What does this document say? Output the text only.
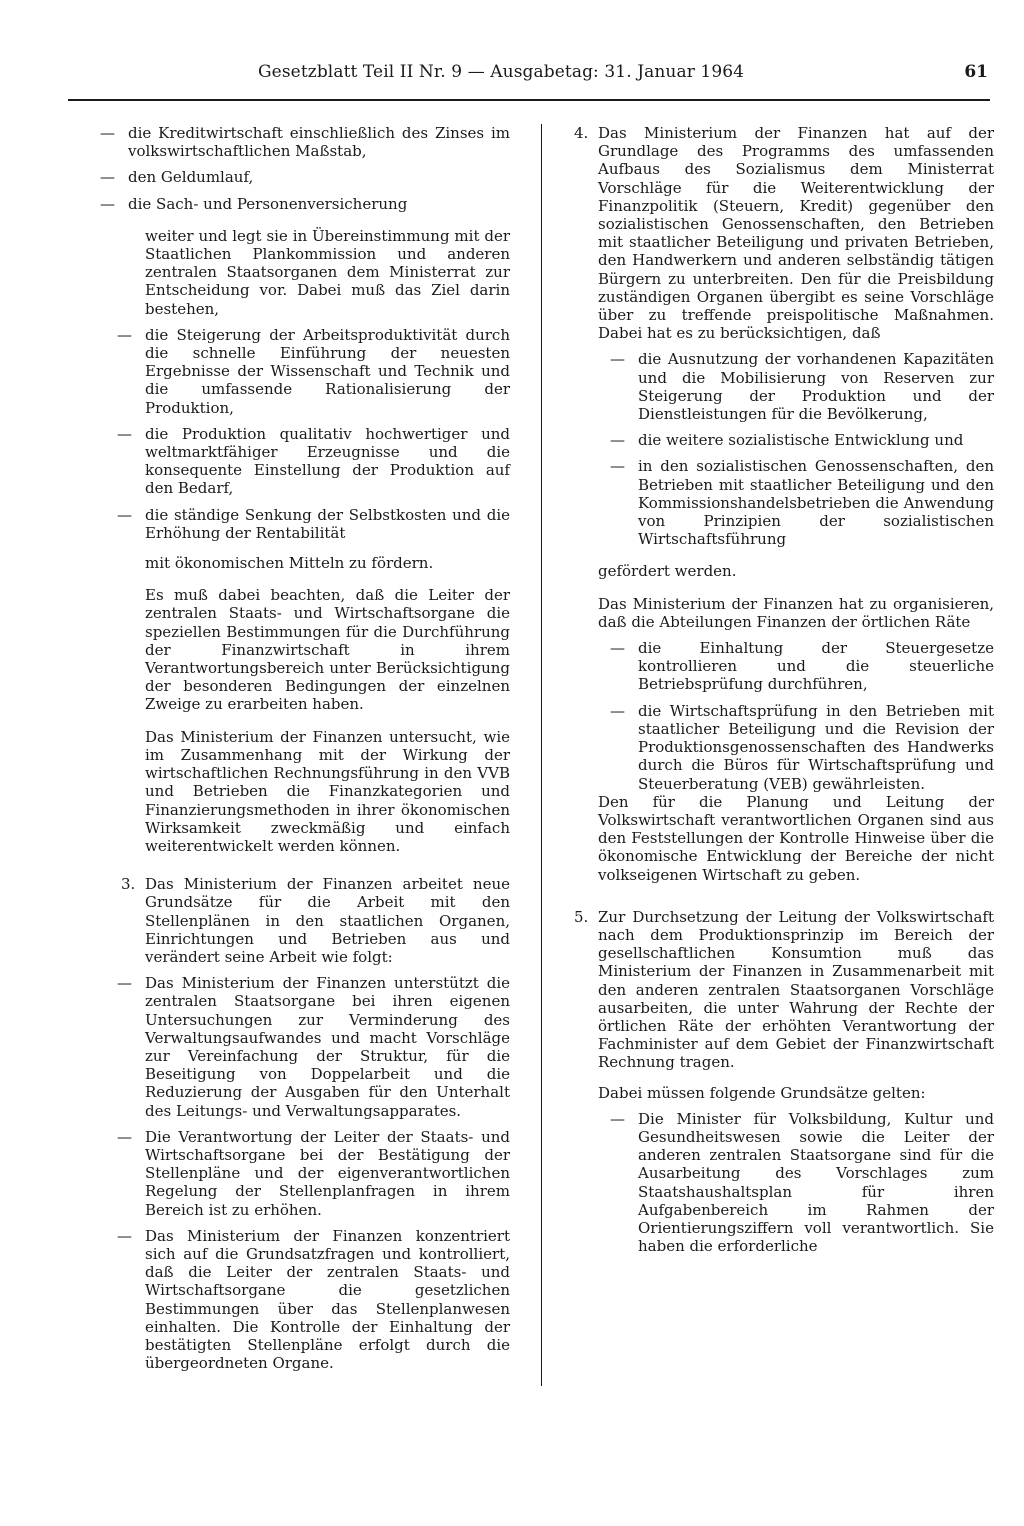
Gesetzblatt Teil II Nr. 9 — Ausgabetag: 31. Januar 1964	61
— die Kreditwirtschaft einschließlich des Zinses im volkswirtschaftlichen Maßstab,
— den Geldumlauf,
— die Sach- und Personenversicherung

weiter und legt sie in Übereinstimmung mit der Staatlichen Plankommission und anderen zentralen Staatsorganen dem Ministerrat zur Entscheidung vor. Dabei muß das Ziel darin bestehen,

— die Steigerung der Arbeitsproduktivität durch die schnelle Einführung der neuesten Ergebnisse der Wissenschaft und Technik und die umfassende Rationalisierung der Produktion,
— die Produktion qualitativ hochwertiger und weltmarktfähiger Erzeugnisse und die konsequente Einstellung der Produktion auf den Bedarf,
— die ständige Senkung der Selbstkosten und die Erhöhung der Rentabilität

mit ökonomischen Mitteln zu fördern.

Es muß dabei beachten, daß die Leiter der zentralen Staats- und Wirtschaftsorgane die speziellen Bestimmungen für die Durchführung der Finanzwirtschaft in ihrem Verantwortungsbereich unter Berücksichtigung der besonderen Bedingungen der einzelnen Zweige zu erarbeiten haben.

Das Ministerium der Finanzen untersucht, wie im Zusammenhang mit der Wirkung der wirtschaftlichen Rechnungsführung in den VVB und Betrieben die Finanzkategorien und Finanzierungsmethoden in ihrer ökonomischen Wirksamkeit zweckmäßig und einfach weiterentwickelt werden können.

3. Das Ministerium der Finanzen arbeitet neue Grundsätze für die Arbeit mit den Stellenplänen in den staatlichen Organen, Einrichtungen und Betrieben aus und verändert seine Arbeit wie folgt:

— Das Ministerium der Finanzen unterstützt die zentralen Staatsorgane bei ihren eigenen Untersuchungen zur Verminderung des Verwaltungsaufwandes und macht Vorschläge zur Vereinfachung der Struktur, für die Beseitigung von Doppelarbeit und die Reduzierung der Ausgaben für den Unterhalt des Leitungs- und Verwaltungsapparates.
— Die Verantwortung der Leiter der Staats- und Wirtschaftsorgane bei der Bestätigung der Stellenpläne und der eigenverantwortlichen Regelung der Stellenplanfragen in ihrem Bereich ist zu erhöhen.
— Das Ministerium der Finanzen konzentriert sich auf die Grundsatzfragen und kontrolliert, daß die Leiter der zentralen Staats- und Wirtschaftsorgane die gesetzlichen Bestimmungen über das Stellenplanwesen einhalten. Die Kontrolle der Einhaltung der bestätigten Stellenpläne erfolgt durch die übergeordneten Organe.
4. Das Ministerium der Finanzen hat auf der Grundlage des Programms des umfassenden Aufbaus des Sozialismus dem Ministerrat Vorschläge für die Weiterentwicklung der Finanzpolitik (Steuern, Kredit) gegenüber den sozialistischen Genossenschaften, den Betrieben mit staatlicher Beteiligung und privaten Betrieben, den Handwerkern und anderen selbständig tätigen Bürgern zu unterbreiten. Den für die Preisbildung zuständigen Organen übergibt es seine Vorschläge über zu treffende preispolitische Maßnahmen. Dabei hat es zu berücksichtigen, daß

— die Ausnutzung der vorhandenen Kapazitäten und die Mobilisierung von Reserven zur Steigerung der Produktion und der Dienstleistungen für die Bevölkerung,
— die weitere sozialistische Entwicklung und
— in den sozialistischen Genossenschaften, den Betrieben mit staatlicher Beteiligung und den Kommissionshandelsbetrieben die Anwendung von Prinzipien der sozialistischen Wirtschaftsführung

gefördert werden.

Das Ministerium der Finanzen hat zu organisieren, daß die Abteilungen Finanzen der örtlichen Räte

— die Einhaltung der Steuergesetze kontrollieren und die steuerliche Betriebsprüfung durchführen,
— die Wirtschaftsprüfung in den Betrieben mit staatlicher Beteiligung und die Revision der Produktionsgenossenschaften des Handwerks durch die Büros für Wirtschaftsprüfung und Steuerberatung (VEB) gewährleisten.

Den für die Planung und Leitung der Volkswirtschaft verantwortlichen Organen sind aus den Feststellungen der Kontrolle Hinweise über die ökonomische Entwicklung der Bereiche der nicht volkseigenen Wirtschaft zu geben.

5. Zur Durchsetzung der Leitung der Volkswirtschaft nach dem Produktionsprinzip im Bereich der gesellschaftlichen Konsumtion muß das Ministerium der Finanzen in Zusammenarbeit mit den anderen zentralen Staatsorganen Vorschläge ausarbeiten, die unter Wahrung der Rechte der örtlichen Räte der erhöhten Verantwortung der Fachminister auf dem Gebiet der Finanzwirtschaft Rechnung tragen.

Dabei müssen folgende Grundsätze gelten:

— Die Minister für Volksbildung, Kultur und Gesundheitswesen sowie die Leiter der anderen zentralen Staatsorgane sind für die Ausarbeitung des Vorschlages zum Staatshaushaltsplan für ihren Aufgabenbereich im Rahmen der Orientierungsziffern voll verantwortlich. Sie haben die erforderliche
